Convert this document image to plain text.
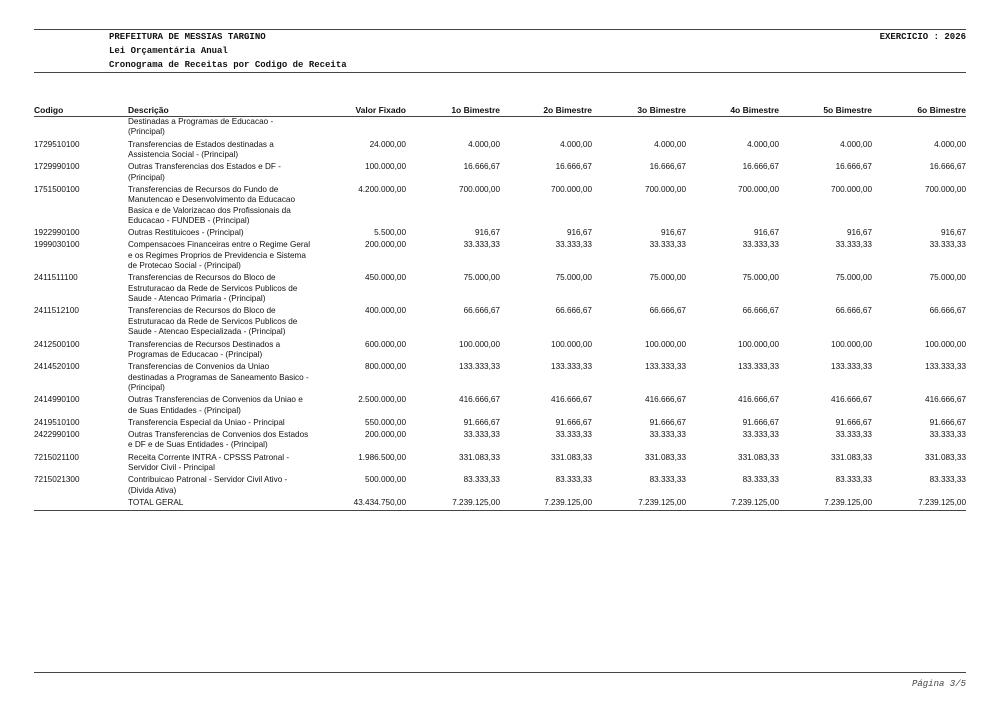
PREFEITURA DE MESSIAS TARGINO	EXERCICIO : 2026
Lei Orçamentária Anual
Cronograma de Receitas por Codigo de Receita
Codigo	Descrição	Valor Fixado	1o Bimestre	2o Bimestre	3o Bimestre	4o Bimestre	5o Bimestre	6o Bimestre

	Destinadas a Programas de Educacao -
(Principal)							

1729510100	Transferencias de Estados destinadas a
Assistencia Social - (Principal)	24.000,00	4.000,00	4.000,00	4.000,00	4.000,00	4.000,00	4.000,00
1729990100	Outras Transferencias dos Estados e DF -
(Principal)	100.000,00	16.666,67	16.666,67	16.666,67	16.666,67	16.666,67	16.666,67
1751500100	Transferencias de Recursos do Fundo de
Manutencao e Desenvolvimento da Educacao
Basica e de Valorizacao dos Profissionais da
Educacao - FUNDEB - (Principal)	4.200.000,00	700.000,00	700.000,00	700.000,00	700.000,00	700.000,00	700.000,00
1922990100	Outras Restituicoes - (Principal)	5.500,00	916,67	916,67	916,67	916,67	916,67	916,67
1999030100	Compensacoes Financeiras entre o Regime Geral
e os Regimes Proprios de Previdencia e Sistema
de Protecao Social - (Principal)	200.000,00	33.333,33	33.333,33	33.333,33	33.333,33	33.333,33	33.333,33
2411511100	Transferencias de Recursos do Bloco de
Estruturacao da Rede de Servicos Publicos de
Saude - Atencao Primaria - (Principal)	450.000,00	75.000,00	75.000,00	75.000,00	75.000,00	75.000,00	75.000,00
2411512100	Transferencias de Recursos do Bloco de
Estruturacao da Rede de Servicos Publicos de
Saude - Atencao Especializada - (Principal)	400.000,00	66.666,67	66.666,67	66.666,67	66.666,67	66.666,67	66.666,67
2412500100	Transferencias de Recursos Destinados a
Programas de Educacao - (Principal)	600.000,00	100.000,00	100.000,00	100.000,00	100.000,00	100.000,00	100.000,00
2414520100	Transferencias de Convenios da Uniao
destinadas a Programas de Saneamento Basico -
(Principal)	800.000,00	133.333,33	133.333,33	133.333,33	133.333,33	133.333,33	133.333,33
2414990100	Outras Transferencias de Convenios da Uniao e
de Suas Entidades - (Principal)	2.500.000,00	416.666,67	416.666,67	416.666,67	416.666,67	416.666,67	416.666,67
2419510100	Transferencia Especial da Uniao - Principal	550.000,00	91.666,67	91.666,67	91.666,67	91.666,67	91.666,67	91.666,67
2422990100	Outras Transferencias de Convenios dos Estados
e DF e de Suas Entidades - (Principal)	200.000,00	33.333,33	33.333,33	33.333,33	33.333,33	33.333,33	33.333,33
7215021100	Receita Corrente INTRA - CPSSS Patronal -
Servidor Civil - Principal	1.986.500,00	331.083,33	331.083,33	331.083,33	331.083,33	331.083,33	331.083,33
7215021300	Contribuicao Patronal - Servidor Civil Ativo -
(Divida Ativa)	500.000,00	83.333,33	83.333,33	83.333,33	83.333,33	83.333,33	83.333,33
	TOTAL GERAL	43.434.750,00	7.239.125,00	7.239.125,00	7.239.125,00	7.239.125,00	7.239.125,00	7.239.125,00
Página 3/5
